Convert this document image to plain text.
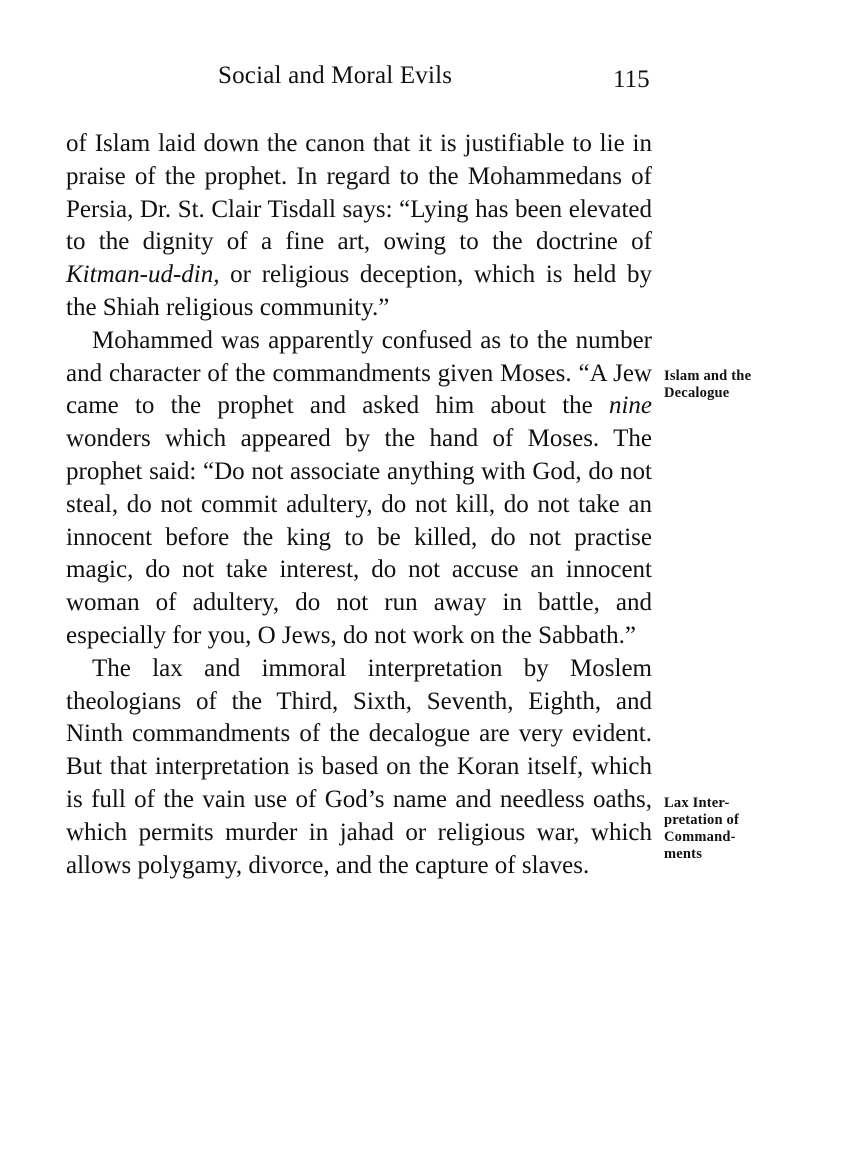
Social and Moral Evils	115

of Islam laid down the canon that it is justifiable to lie in praise of the prophet. In regard to the Mohammedans of Persia, Dr. St. Clair Tisdall says: “Lying has been elevated to the dignity of a fine art, owing to the doctrine of Kitman-ud-din, or religious deception, which is held by the Shiah religious community.”

Mohammed was apparently confused as to the number and character of the commandments given Moses. “A Jew came to the prophet and asked him about the nine wonders which appeared by the hand of Moses. The prophet said: “Do not associate anything with God, do not steal, do not commit adultery, do not kill, do not take an innocent before the king to be killed, do not practise magic, do not take interest, do not accuse an innocent woman of adultery, do not run away in battle, and especially for you, O Jews, do not work on the Sabbath.”

The lax and immoral interpretation by Moslem theologians of the Third, Sixth, Seventh, Eighth, and Ninth commandments of the decalogue are very evident. But that interpretation is based on the Koran itself, which is full of the vain use of God’s name and needless oaths, which permits murder in jahad or religious war, which allows polygamy, divorce, and the capture of slaves.

Islam and the
Decalogue
Lax Inter-
pretation of
Command-
ments
